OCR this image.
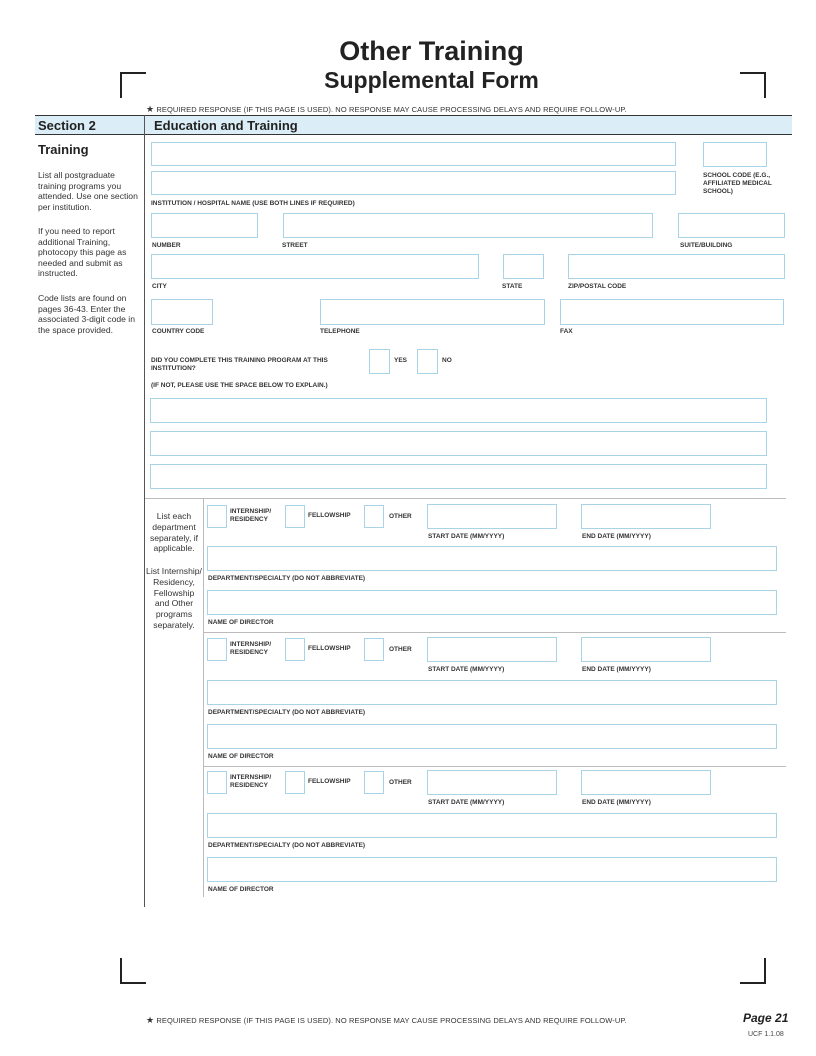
Other Training
Supplemental Form
★ REQUIRED RESPONSE (IF THIS PAGE IS USED). NO RESPONSE MAY CAUSE PROCESSING DELAYS AND REQUIRE FOLLOW-UP.
Section 2	Education and Training
Training
List all postgraduate training programs you attended. Use one section per institution.
If you need to report additional Training, photocopy this page as needed and submit as instructed.
Code lists are found on pages 36-43. Enter the associated 3-digit code in the space provided.
INSTITUTION / HOSPITAL NAME (USE BOTH LINES IF REQUIRED)
SCHOOL CODE (E.G., AFFILIATED MEDICAL SCHOOL)
NUMBER	STREET	SUITE/BUILDING
CITY	STATE	ZIP/POSTAL CODE
COUNTRY CODE	TELEPHONE	FAX
DID YOU COMPLETE THIS TRAINING PROGRAM AT THIS INSTITUTION?
YES	NO
(IF NOT, PLEASE USE THE SPACE BELOW TO EXPLAIN.)
List each department separately, if applicable.
List Internship/ Residency, Fellowship and Other programs separately.
INTERNSHIP/ RESIDENCY
FELLOWSHIP	OTHER
START DATE (MM/YYYY)	END DATE (MM/YYYY)
DEPARTMENT/SPECIALTY (DO NOT ABBREVIATE)
NAME OF DIRECTOR
INTERNSHIP/ RESIDENCY
FELLOWSHIP	OTHER
START DATE (MM/YYYY)	END DATE (MM/YYYY)
DEPARTMENT/SPECIALTY (DO NOT ABBREVIATE)
NAME OF DIRECTOR
INTERNSHIP/ RESIDENCY
FELLOWSHIP	OTHER
START DATE (MM/YYYY)	END DATE (MM/YYYY)
DEPARTMENT/SPECIALTY (DO NOT ABBREVIATE)
NAME OF DIRECTOR
★ REQUIRED RESPONSE (IF THIS PAGE IS USED). NO RESPONSE MAY CAUSE PROCESSING DELAYS AND REQUIRE FOLLOW-UP.	Page 21
UCF 1.1.08
